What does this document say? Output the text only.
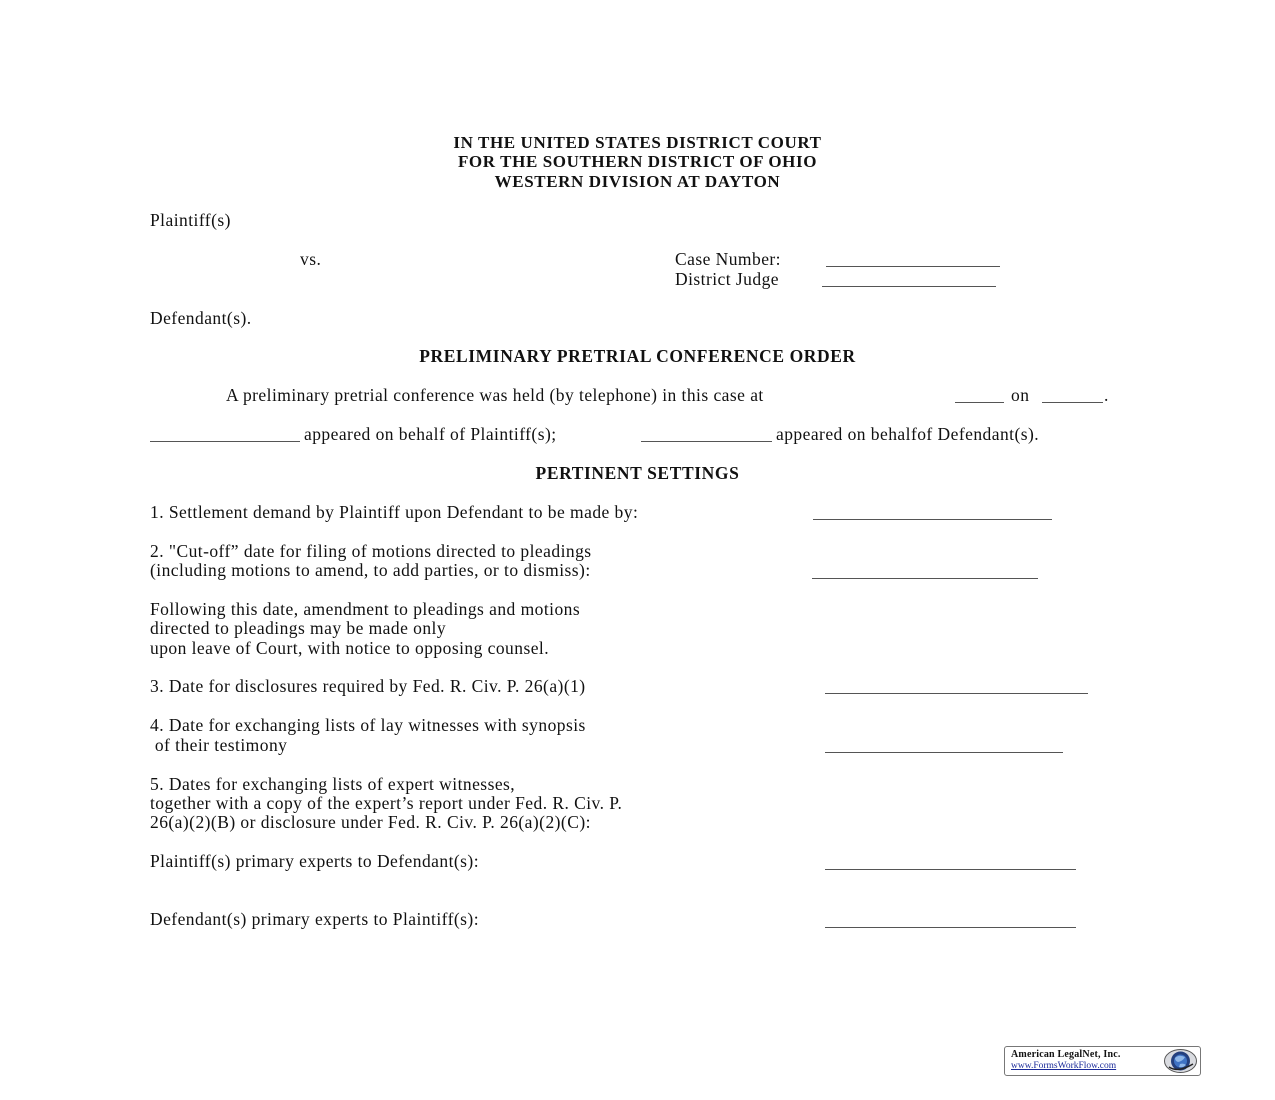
IN THE UNITED STATES DISTRICT COURT
FOR THE SOUTHERN DISTRICT OF OHIO
WESTERN DIVISION AT DAYTON
Plaintiff(s)
vs.	Case Number:
District Judge
Defendant(s).
PRELIMINARY PRETRIAL CONFERENCE ORDER
A preliminary pretrial conference was held (by telephone) in this case at	on	.
appeared on behalf of Plaintiff(s);	appeared on behalfof Defendant(s).
PERTINENT SETTINGS
1. Settlement demand by Plaintiff upon Defendant to be made by:
2. "Cut-off” date for filing of motions directed to pleadings
(including motions to amend, to add parties, or to dismiss):
Following this date, amendment to pleadings and motions
directed to pleadings may be made only
upon leave of Court, with notice to opposing counsel.
3. Date for disclosures required by Fed. R. Civ. P. 26(a)(1)
4. Date for exchanging lists of lay witnesses with synopsis
of their testimony
5. Dates for exchanging lists of expert witnesses,
together with a copy of the expert’s report under Fed. R. Civ. P.
26(a)(2)(B) or disclosure under Fed. R. Civ. P. 26(a)(2)(C):
Plaintiff(s) primary experts to Defendant(s):
Defendant(s) primary experts to Plaintiff(s):
American LegalNet, Inc.
www.FormsWorkFlow.com
